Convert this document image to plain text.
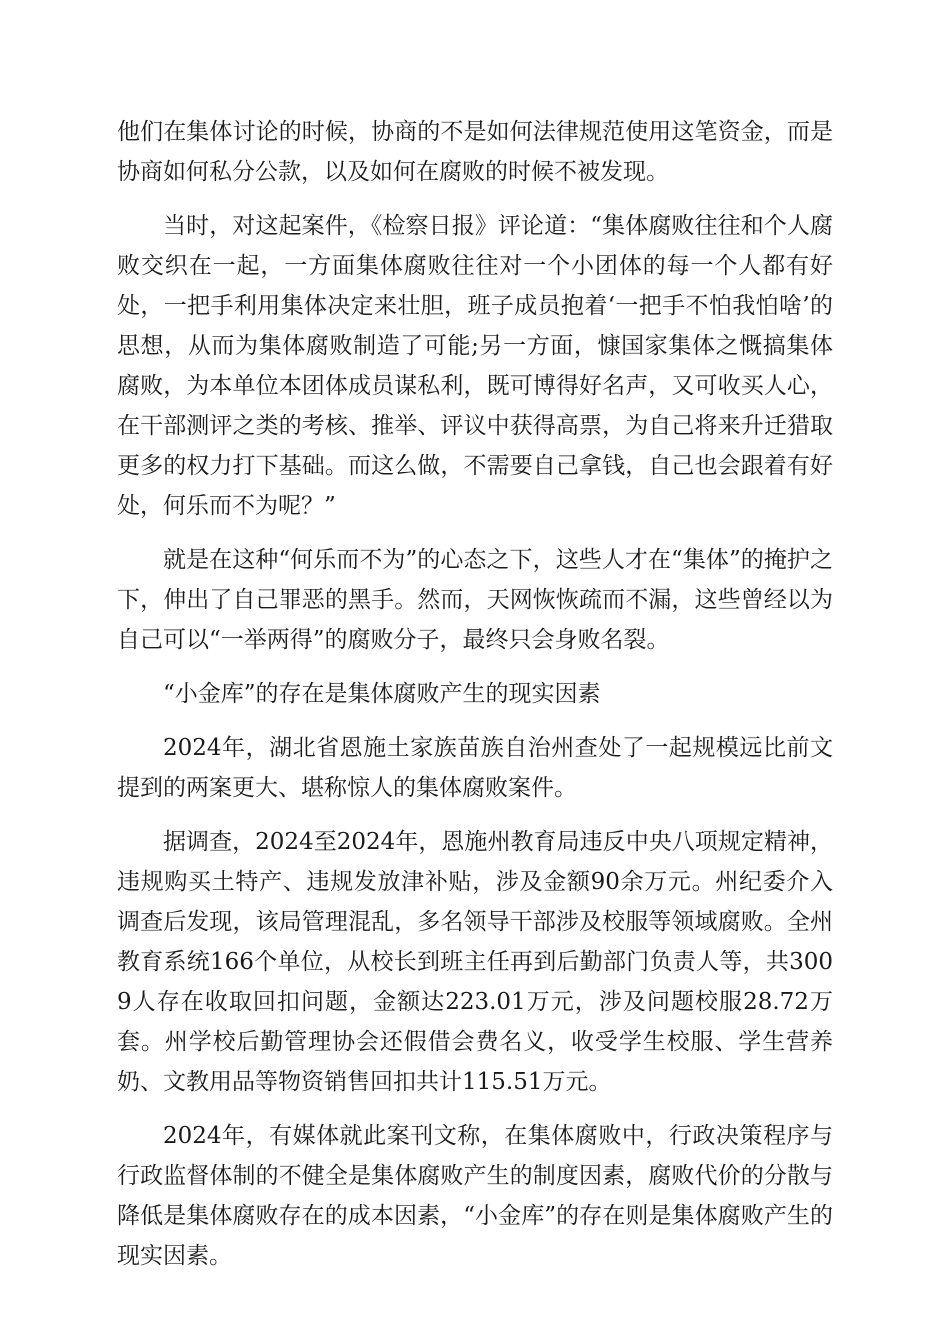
他们在集体讨论的时候，协商的不是如何法律规范使用这笔资金，而是协商如何私分公款，以及如何在腐败的时候不被发现。

当时，对这起案件，《检察日报》评论道：“集体腐败往往和个人腐败交织在一起，一方面集体腐败往往对一个小团体的每一个人都有好处，一把手利用集体决定来壮胆，班子成员抱着‘一把手不怕我怕啥’的思想，从而为集体腐败制造了可能;另一方面，慷国家集体之慨搞集体腐败，为本单位本团体成员谋私利，既可博得好名声，又可收买人心，在干部测评之类的考核、推举、评议中获得高票，为自己将来升迁猎取更多的权力打下基础。而这么做，不需要自己拿钱，自己也会跟着有好处，何乐而不为呢？”

就是在这种“何乐而不为”的心态之下，这些人才在“集体”的掩护之下，伸出了自己罪恶的黑手。然而，天网恢恢疏而不漏，这些曾经以为自己可以“一举两得”的腐败分子，最终只会身败名裂。

“小金库”的存在是集体腐败产生的现实因素

2024年，湖北省恩施土家族苗族自治州查处了一起规模远比前文提到的两案更大、堪称惊人的集体腐败案件。

据调查，2024至2024年，恩施州教育局违反中央八项规定精神，违规购买土特产、违规发放津补贴，涉及金额90余万元。州纪委介入调查后发现，该局管理混乱，多名领导干部涉及校服等领域腐败。全州教育系统166个单位，从校长到班主任再到后勤部门负责人等，共3009人存在收取回扣问题，金额达223.01万元，涉及问题校服28.72万套。州学校后勤管理协会还假借会费名义，收受学生校服、学生营养奶、文教用品等物资销售回扣共计115.51万元。

2024年，有媒体就此案刊文称，在集体腐败中，行政决策程序与行政监督体制的不健全是集体腐败产生的制度因素，腐败代价的分散与降低是集体腐败存在的成本因素，“小金库”的存在则是集体腐败产生的现实因素。
